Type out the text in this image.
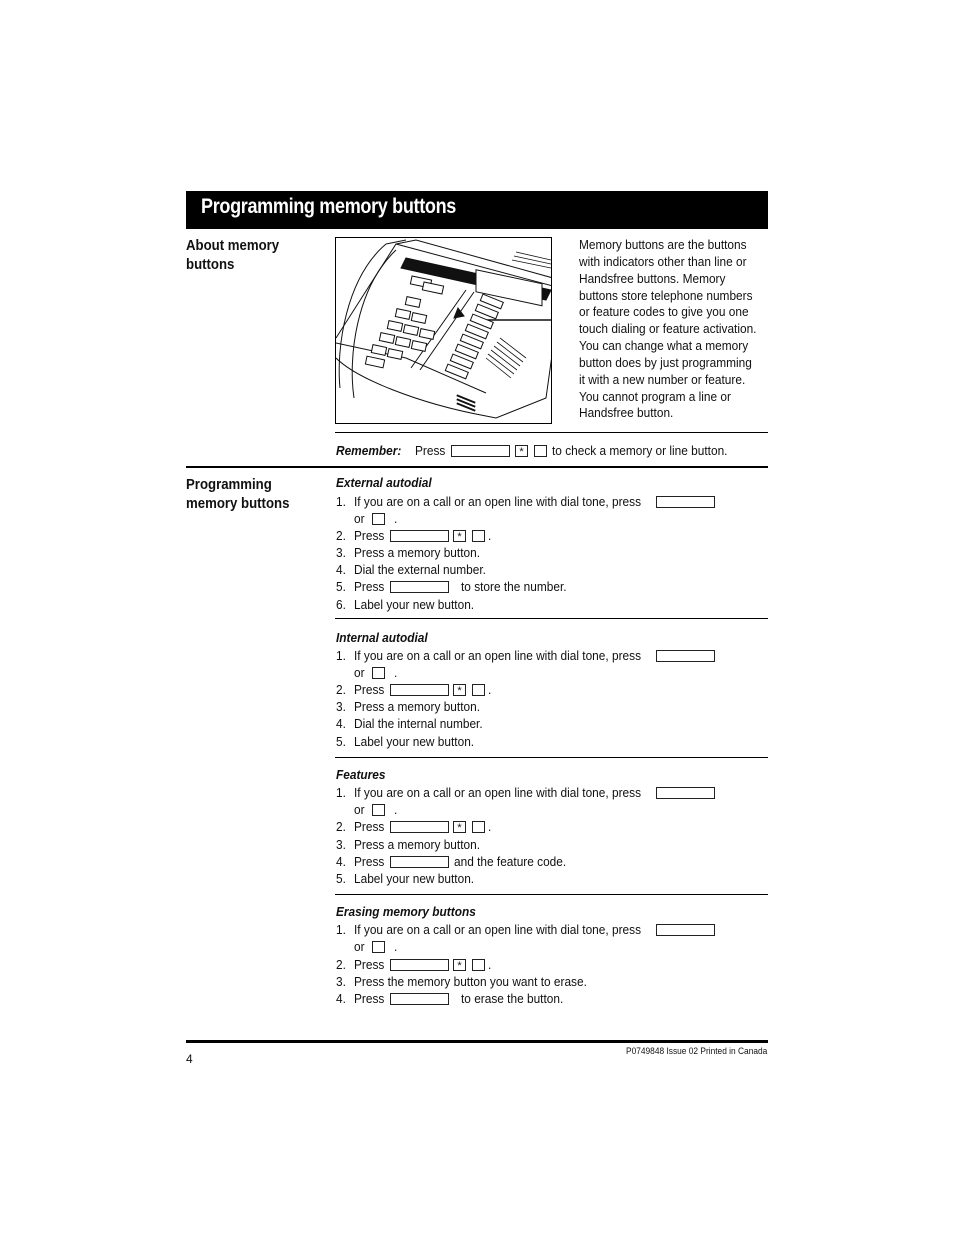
Programming memory buttons
About memory
buttons
Memory buttons are the buttons
with indicators other than line or
Handsfree buttons. Memory
buttons store telephone numbers
or feature codes to give you one
touch dialing or feature activation.
You can change what a memory
button does by just programming
it with a new number or feature.
You cannot program a line or
Handsfree button.
Remember: Press	*	to check a memory or line button.
Programming
memory buttons
External autodial
1. If you are on a call or an open line with dial tone, press
or
2. Press
3. Press a memory button.
4. Dial the external number.
5. Press
6. Label your new button.
.
*	.
to store the number.
Internal autodial
1. If you are on a call or an open line with dial tone, press
or
2. Press
3. Press a memory button.
4. Dial the internal number.
5. Label your new button.
.
*	.
Features
1. If you are on a call or an open line with dial tone, press
or
2. Press
3. Press a memory button.
4. Press
5. Label your new button.
.
*	.
and the feature code.
Erasing memory buttons
1. If you are on a call or an open line with dial tone, press
or
2. Press
3. Press the memory button you want to erase.
4. Press
.
*	.
to erase the button.
4
P0749848 Issue 02 Printed in Canada
